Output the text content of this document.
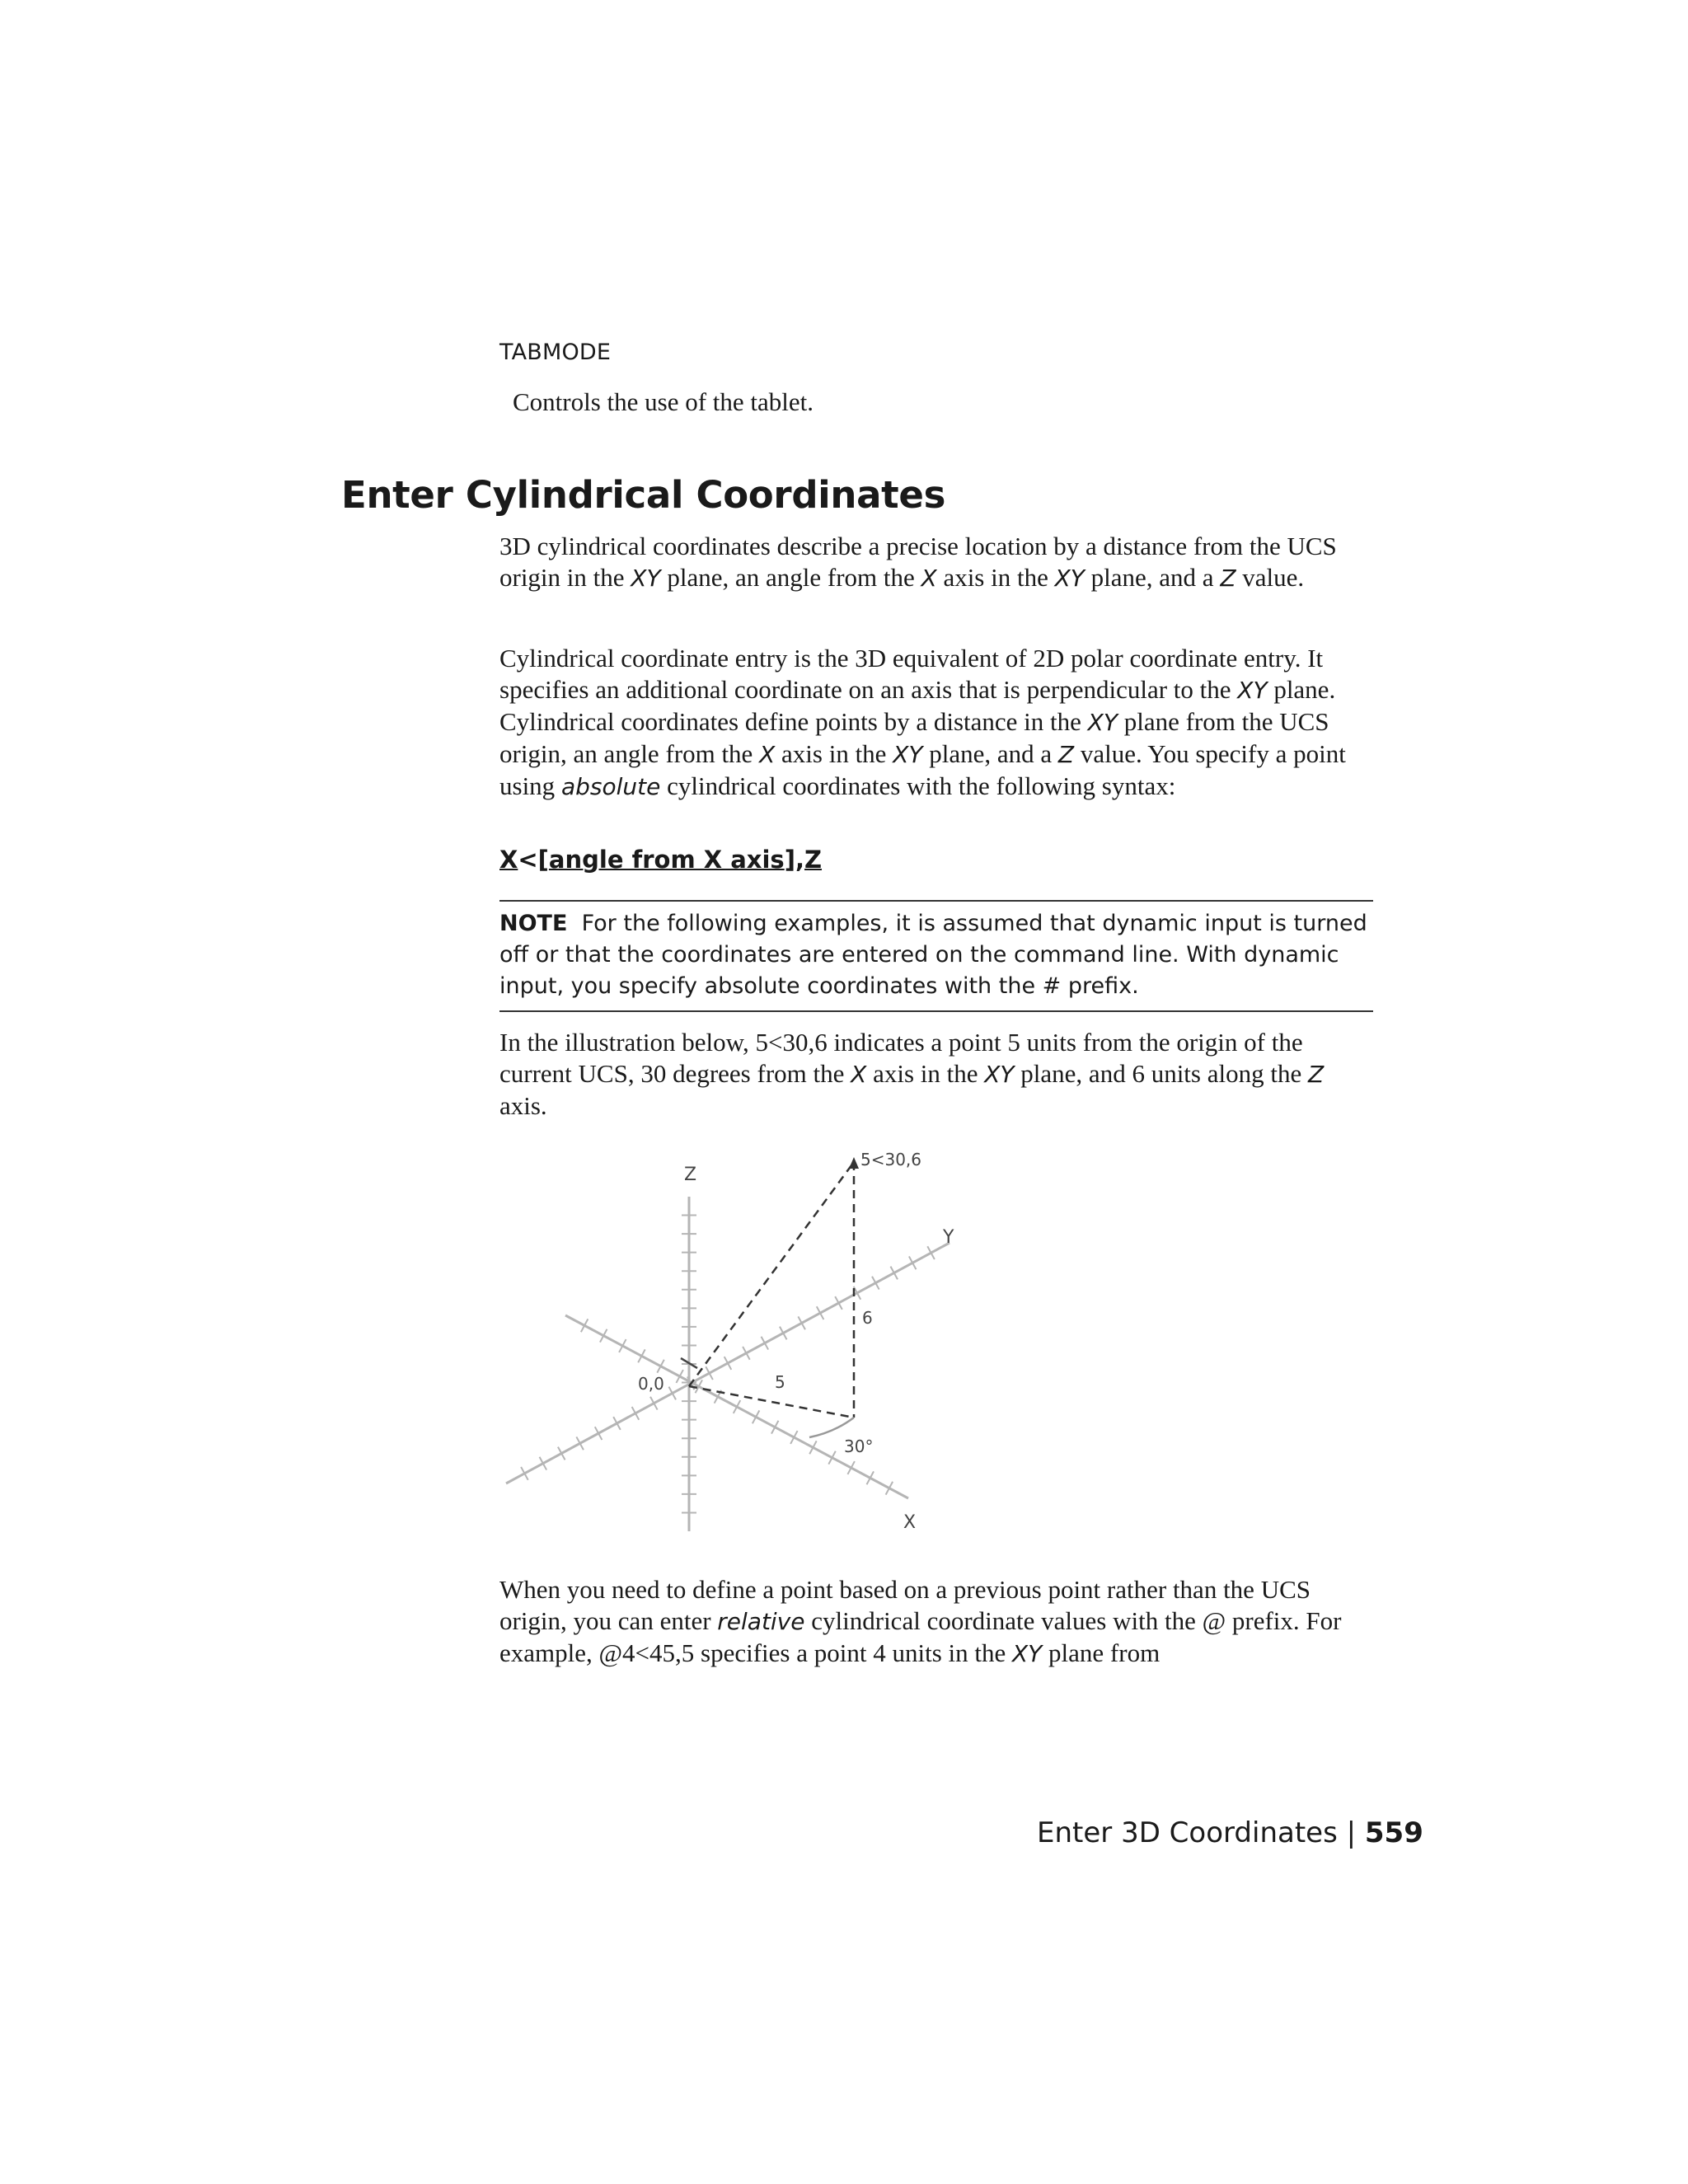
TABMODE
Controls the use of the tablet.
Enter Cylindrical Coordinates

3D cylindrical coordinates describe a precise location by a distance from the UCS origin in the XY plane, an angle from the X axis in the XY plane, and a Z value.

Cylindrical coordinate entry is the 3D equivalent of 2D polar coordinate entry. It specifies an additional coordinate on an axis that is perpendicular to the XY plane. Cylindrical coordinates define points by a distance in the XY plane from the UCS origin, an angle from the X axis in the XY plane, and a Z value. You specify a point using absolute cylindrical coordinates with the following syntax:

X<[angle from X axis],Z
NOTE For the following examples, it is assumed that dynamic input is turned off or that the coordinates are entered on the command line. With dynamic input, you specify absolute coordinates with the # prefix.

In the illustration below, 5<30,6 indicates a point 5 units from the origin of the current UCS, 30 degrees from the X axis in the XY plane, and 6 units along the Z axis.

5<30,6
Z
Y
X
0,0	5
6
30°

When you need to define a point based on a previous point rather than the UCS origin, you can enter relative cylindrical coordinate values with the @ prefix. For example, @4<45,5 specifies a point 4 units in the XY plane from

Enter 3D Coordinates | 559
